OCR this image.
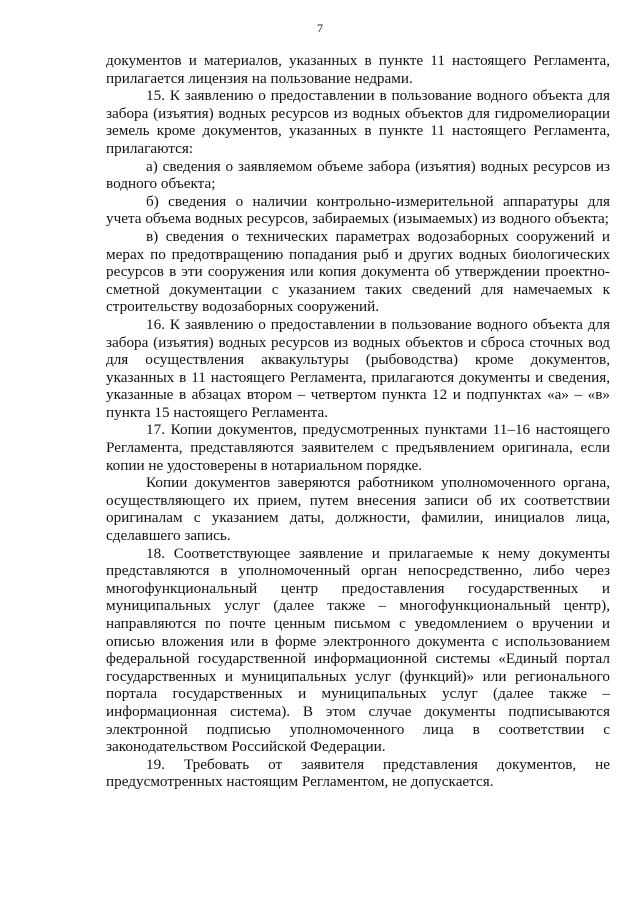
7

документов и материалов, указанных в пункте 11 настоящего Регламента, прилагается лицензия на пользование недрами.

15. К заявлению о предоставлении в пользование водного объекта для забора (изъятия) водных ресурсов из водных объектов для гидромелиорации земель кроме документов, указанных в пункте 11 настоящего Регламента, прилагаются:

а) сведения о заявляемом объеме забора (изъятия) водных ресурсов из водного объекта;

б) сведения о наличии контрольно-измерительной аппаратуры для учета объема водных ресурсов, забираемых (изымаемых) из водного объекта;

в) сведения о технических параметрах водозаборных сооружений и мерах по предотвращению попадания рыб и других водных биологических ресурсов в эти сооружения или копия документа об утверждении проектно-сметной документации с указанием таких сведений для намечаемых к строительству водозаборных сооружений.

16. К заявлению о предоставлении в пользование водного объекта для забора (изъятия) водных ресурсов из водных объектов и сброса сточных вод для осуществления аквакультуры (рыбоводства) кроме документов, указанных в 11 настоящего Регламента, прилагаются документы и сведения, указанные в абзацах втором – четвертом пункта 12 и подпунктах «а» – «в» пункта 15 настоящего Регламента.

17. Копии документов, предусмотренных пунктами 11–16 настоящего Регламента, представляются заявителем с предъявлением оригинала, если копии не удостоверены в нотариальном порядке.

Копии документов заверяются работником уполномоченного органа, осуществляющего их прием, путем внесения записи об их соответствии оригиналам с указанием даты, должности, фамилии, инициалов лица, сделавшего запись.

18. Соответствующее заявление и прилагаемые к нему документы представляются в уполномоченный орган непосредственно, либо через многофункциональный центр предоставления государственных и муниципальных услуг (далее также – многофункциональный центр), направляются по почте ценным письмом с уведомлением о вручении и описью вложения или в форме электронного документа с использованием федеральной государственной информационной системы «Единый портал государственных и муниципальных услуг (функций)» или регионального портала государственных и муниципальных услуг (далее также – информационная система). В этом случае документы подписываются электронной подписью уполномоченного лица в соответствии с законодательством Российской Федерации.

19. Требовать от заявителя представления документов, не предусмотренных настоящим Регламентом, не допускается.
